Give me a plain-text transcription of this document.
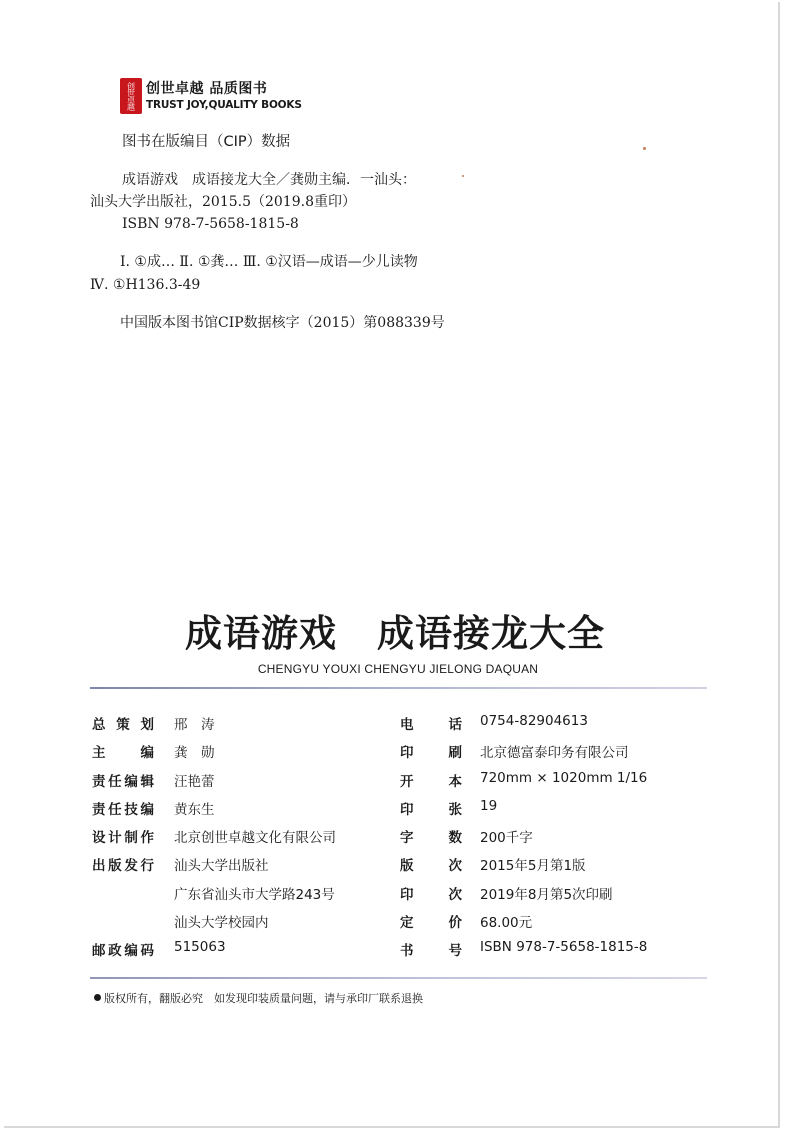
创世卓越 创世卓越 品质图书
TRUST JOY,QUALITY BOOKS
图书在版编目（CIP）数据
成语游戏　成语接龙大全／龚勋主编．一汕头：
汕头大学出版社，2015.5（2019.8重印）
ISBN 978-7-5658-1815-8
Ⅰ. ①成… Ⅱ. ①龚… Ⅲ. ①汉语—成语—少儿读物
Ⅳ. ①H136.3-49
中国版本图书馆CIP数据核字（2015）第088339号
成语游戏 成语接龙大全
CHENGYU YOUXI CHENGYU JIELONG DAQUAN
总策划 邢　涛
主编 龚　勋
责任编辑 汪艳蕾
责任技编 黄东生
设计制作 北京创世卓越文化有限公司
出版发行 汕头大学出版社
广东省汕头市大学路243号
汕头大学校园内
邮政编码 515063
电话 0754-82904613
印刷 北京德富泰印务有限公司
开本 720mm × 1020mm 1/16
印张 19
字数 200千字
版次 2015年5月第1版
印次 2019年8月第5次印刷
定价 68.00元
书号 ISBN 978-7-5658-1815-8
版权所有，翻版必究　如发现印装质量问题，请与承印厂联系退换
